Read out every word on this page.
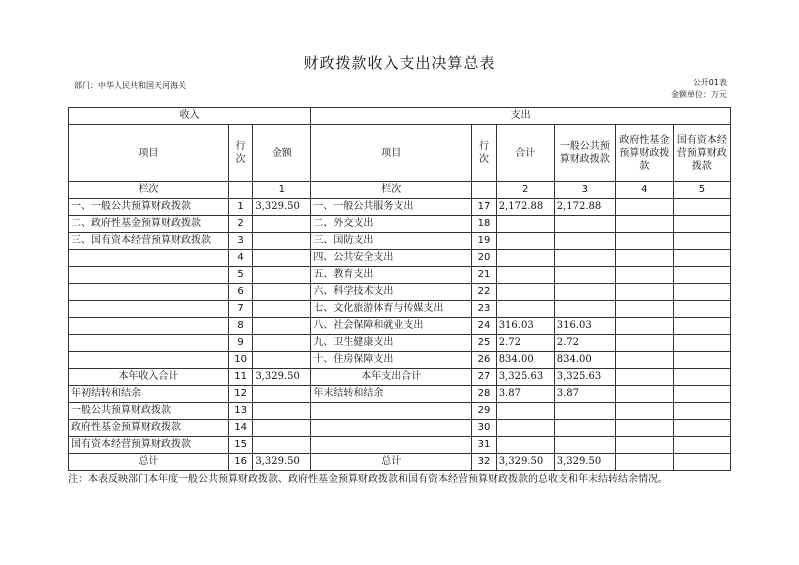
财政拨款收入支出决算总表
部门：中华人民共和国天河海关	公开01表
金额单位：万元
收入			支出					
项目	行次	金额	项目	行次	合计	一般公共预算财政拨款	政府性基金预算财政拨款	国有资本经营预算财政拨款
栏次		1	栏次		2	3	4	5
一、一般公共预算财政拨款	1	3,329.50	一、一般公共服务支出	17	2,172.88	2,172.88		
二、政府性基金预算财政拨款	2		二、外交支出	18				
三、国有资本经营预算财政拨款	3		三、国防支出	19				
	4		四、公共安全支出	20				
	5		五、教育支出	21				
	6		六、科学技术支出	22				
	7		七、文化旅游体育与传媒支出	23				
	8		八、社会保障和就业支出	24	316.03	316.03		
	9		九、卫生健康支出	25	2.72	2.72		
	10		十、住房保障支出	26	834.00	834.00		
本年收入合计	11	3,329.50	本年支出合计	27	3,325.63	3,325.63		
年初结转和结余	12		年末结转和结余	28	3.87	3.87		
一般公共预算财政拨款	13			29				
政府性基金预算财政拨款	14			30				
国有资本经营预算财政拨款	15			31				
总计	16	3,329.50	总计	32	3,329.50	3,329.50		
注：本表反映部门本年度一般公共预算财政拨款、政府性基金预算财政拨款和国有资本经营预算财政拨款的总收支和年末结转结余情况。
